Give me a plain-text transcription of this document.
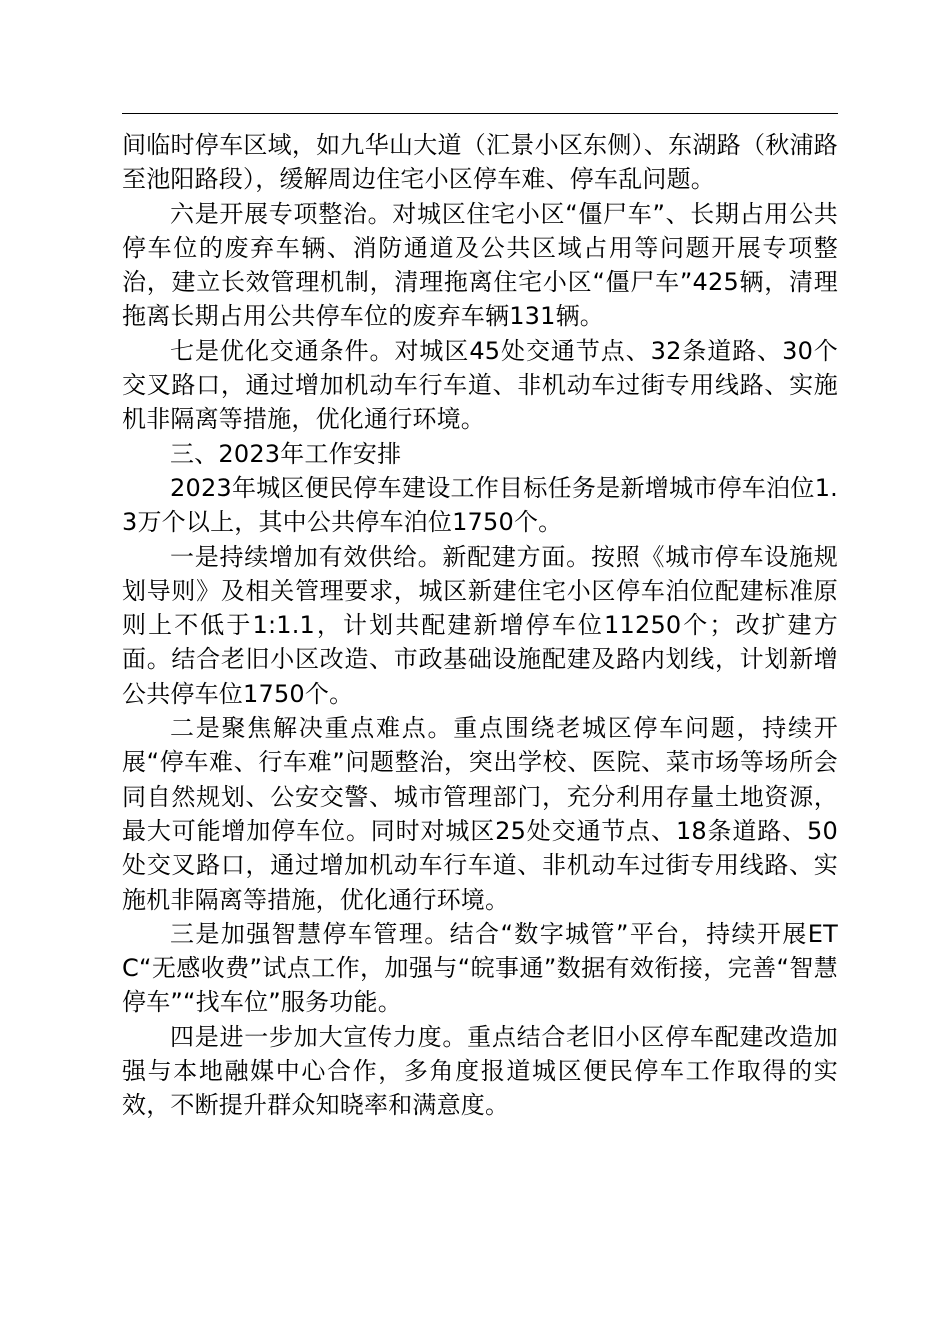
间临时停车区域，如九华山大道（汇景小区东侧）、东湖路（秋浦路至池阳路段），缓解周边住宅小区停车难、停车乱问题。

六是开展专项整治。对城区住宅小区“僵尸车”、长期占用公共停车位的废弃车辆、消防通道及公共区域占用等问题开展专项整治，建立长效管理机制，清理拖离住宅小区“僵尸车”425辆，清理拖离长期占用公共停车位的废弃车辆131辆。

七是优化交通条件。对城区45处交通节点、32条道路、30个交叉路口，通过增加机动车行车道、非机动车过街专用线路、实施机非隔离等措施，优化通行环境。

三、2023年工作安排

2023年城区便民停车建设工作目标任务是新增城市停车泊位1.3万个以上，其中公共停车泊位1750个。

一是持续增加有效供给。新配建方面。按照《城市停车设施规划导则》及相关管理要求，城区新建住宅小区停车泊位配建标准原则上不低于1:1.1，计划共配建新增停车位11250个；改扩建方面。结合老旧小区改造、市政基础设施配建及路内划线，计划新增公共停车位1750个。

二是聚焦解决重点难点。重点围绕老城区停车问题，持续开展“停车难、行车难”问题整治，突出学校、医院、菜市场等场所会同自然规划、公安交警、城市管理部门，充分利用存量土地资源，最大可能增加停车位。同时对城区25处交通节点、18条道路、50处交叉路口，通过增加机动车行车道、非机动车过街专用线路、实施机非隔离等措施，优化通行环境。

三是加强智慧停车管理。结合“数字城管”平台，持续开展ETC“无感收费”试点工作，加强与“皖事通”数据有效衔接，完善“智慧停车”“找车位”服务功能。

四是进一步加大宣传力度。重点结合老旧小区停车配建改造加强与本地融媒中心合作，多角度报道城区便民停车工作取得的实效，不断提升群众知晓率和满意度。
